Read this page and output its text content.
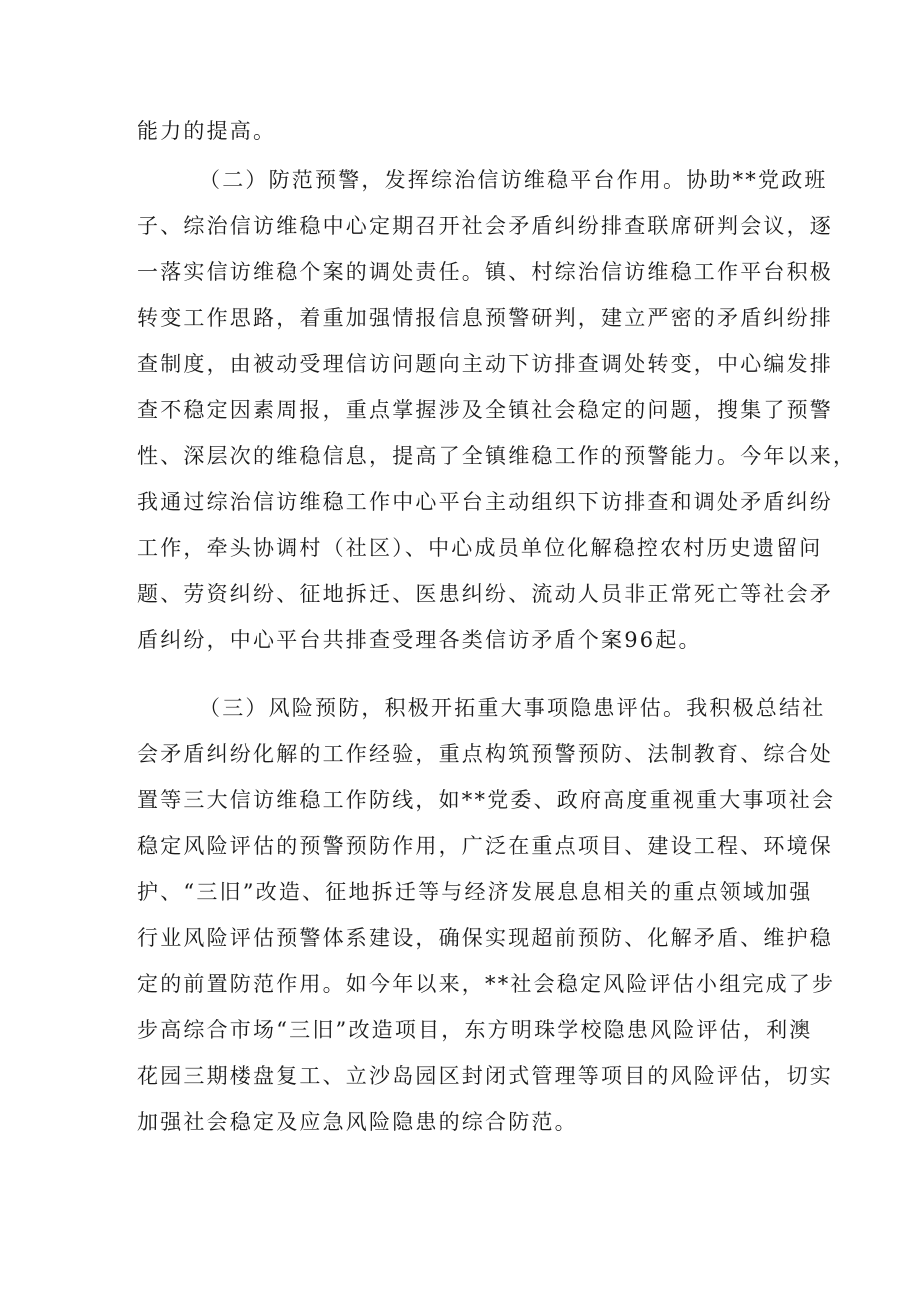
能力的提高。
（二）防范预警，发挥综治信访维稳平台作用。协助**党政班
子、综治信访维稳中心定期召开社会矛盾纠纷排查联席研判会议，逐
一落实信访维稳个案的调处责任。镇、村综治信访维稳工作平台积极
转变工作思路，着重加强情报信息预警研判，建立严密的矛盾纠纷排
查制度，由被动受理信访问题向主动下访排查调处转变，中心编发排
查不稳定因素周报，重点掌握涉及全镇社会稳定的问题，搜集了预警
性、深层次的维稳信息，提高了全镇维稳工作的预警能力。今年以来，
我通过综治信访维稳工作中心平台主动组织下访排查和调处矛盾纠纷
工作，牵头协调村（社区）、中心成员单位化解稳控农村历史遗留问
题、劳资纠纷、征地拆迁、医患纠纷、流动人员非正常死亡等社会矛
盾纠纷，中心平台共排查受理各类信访矛盾个案96起。
（三）风险预防，积极开拓重大事项隐患评估。我积极总结社
会矛盾纠纷化解的工作经验，重点构筑预警预防、法制教育、综合处
置等三大信访维稳工作防线，如**党委、政府高度重视重大事项社会
稳定风险评估的预警预防作用，广泛在重点项目、建设工程、环境保
护、“三旧”改造、征地拆迁等与经济发展息息相关的重点领域加强
行业风险评估预警体系建设，确保实现超前预防、化解矛盾、维护稳
定的前置防范作用。如今年以来，**社会稳定风险评估小组完成了步
步高综合市场“三旧”改造项目，东方明珠学校隐患风险评估，利澳
花园三期楼盘复工、立沙岛园区封闭式管理等项目的风险评估，切实
加强社会稳定及应急风险隐患的综合防范。
